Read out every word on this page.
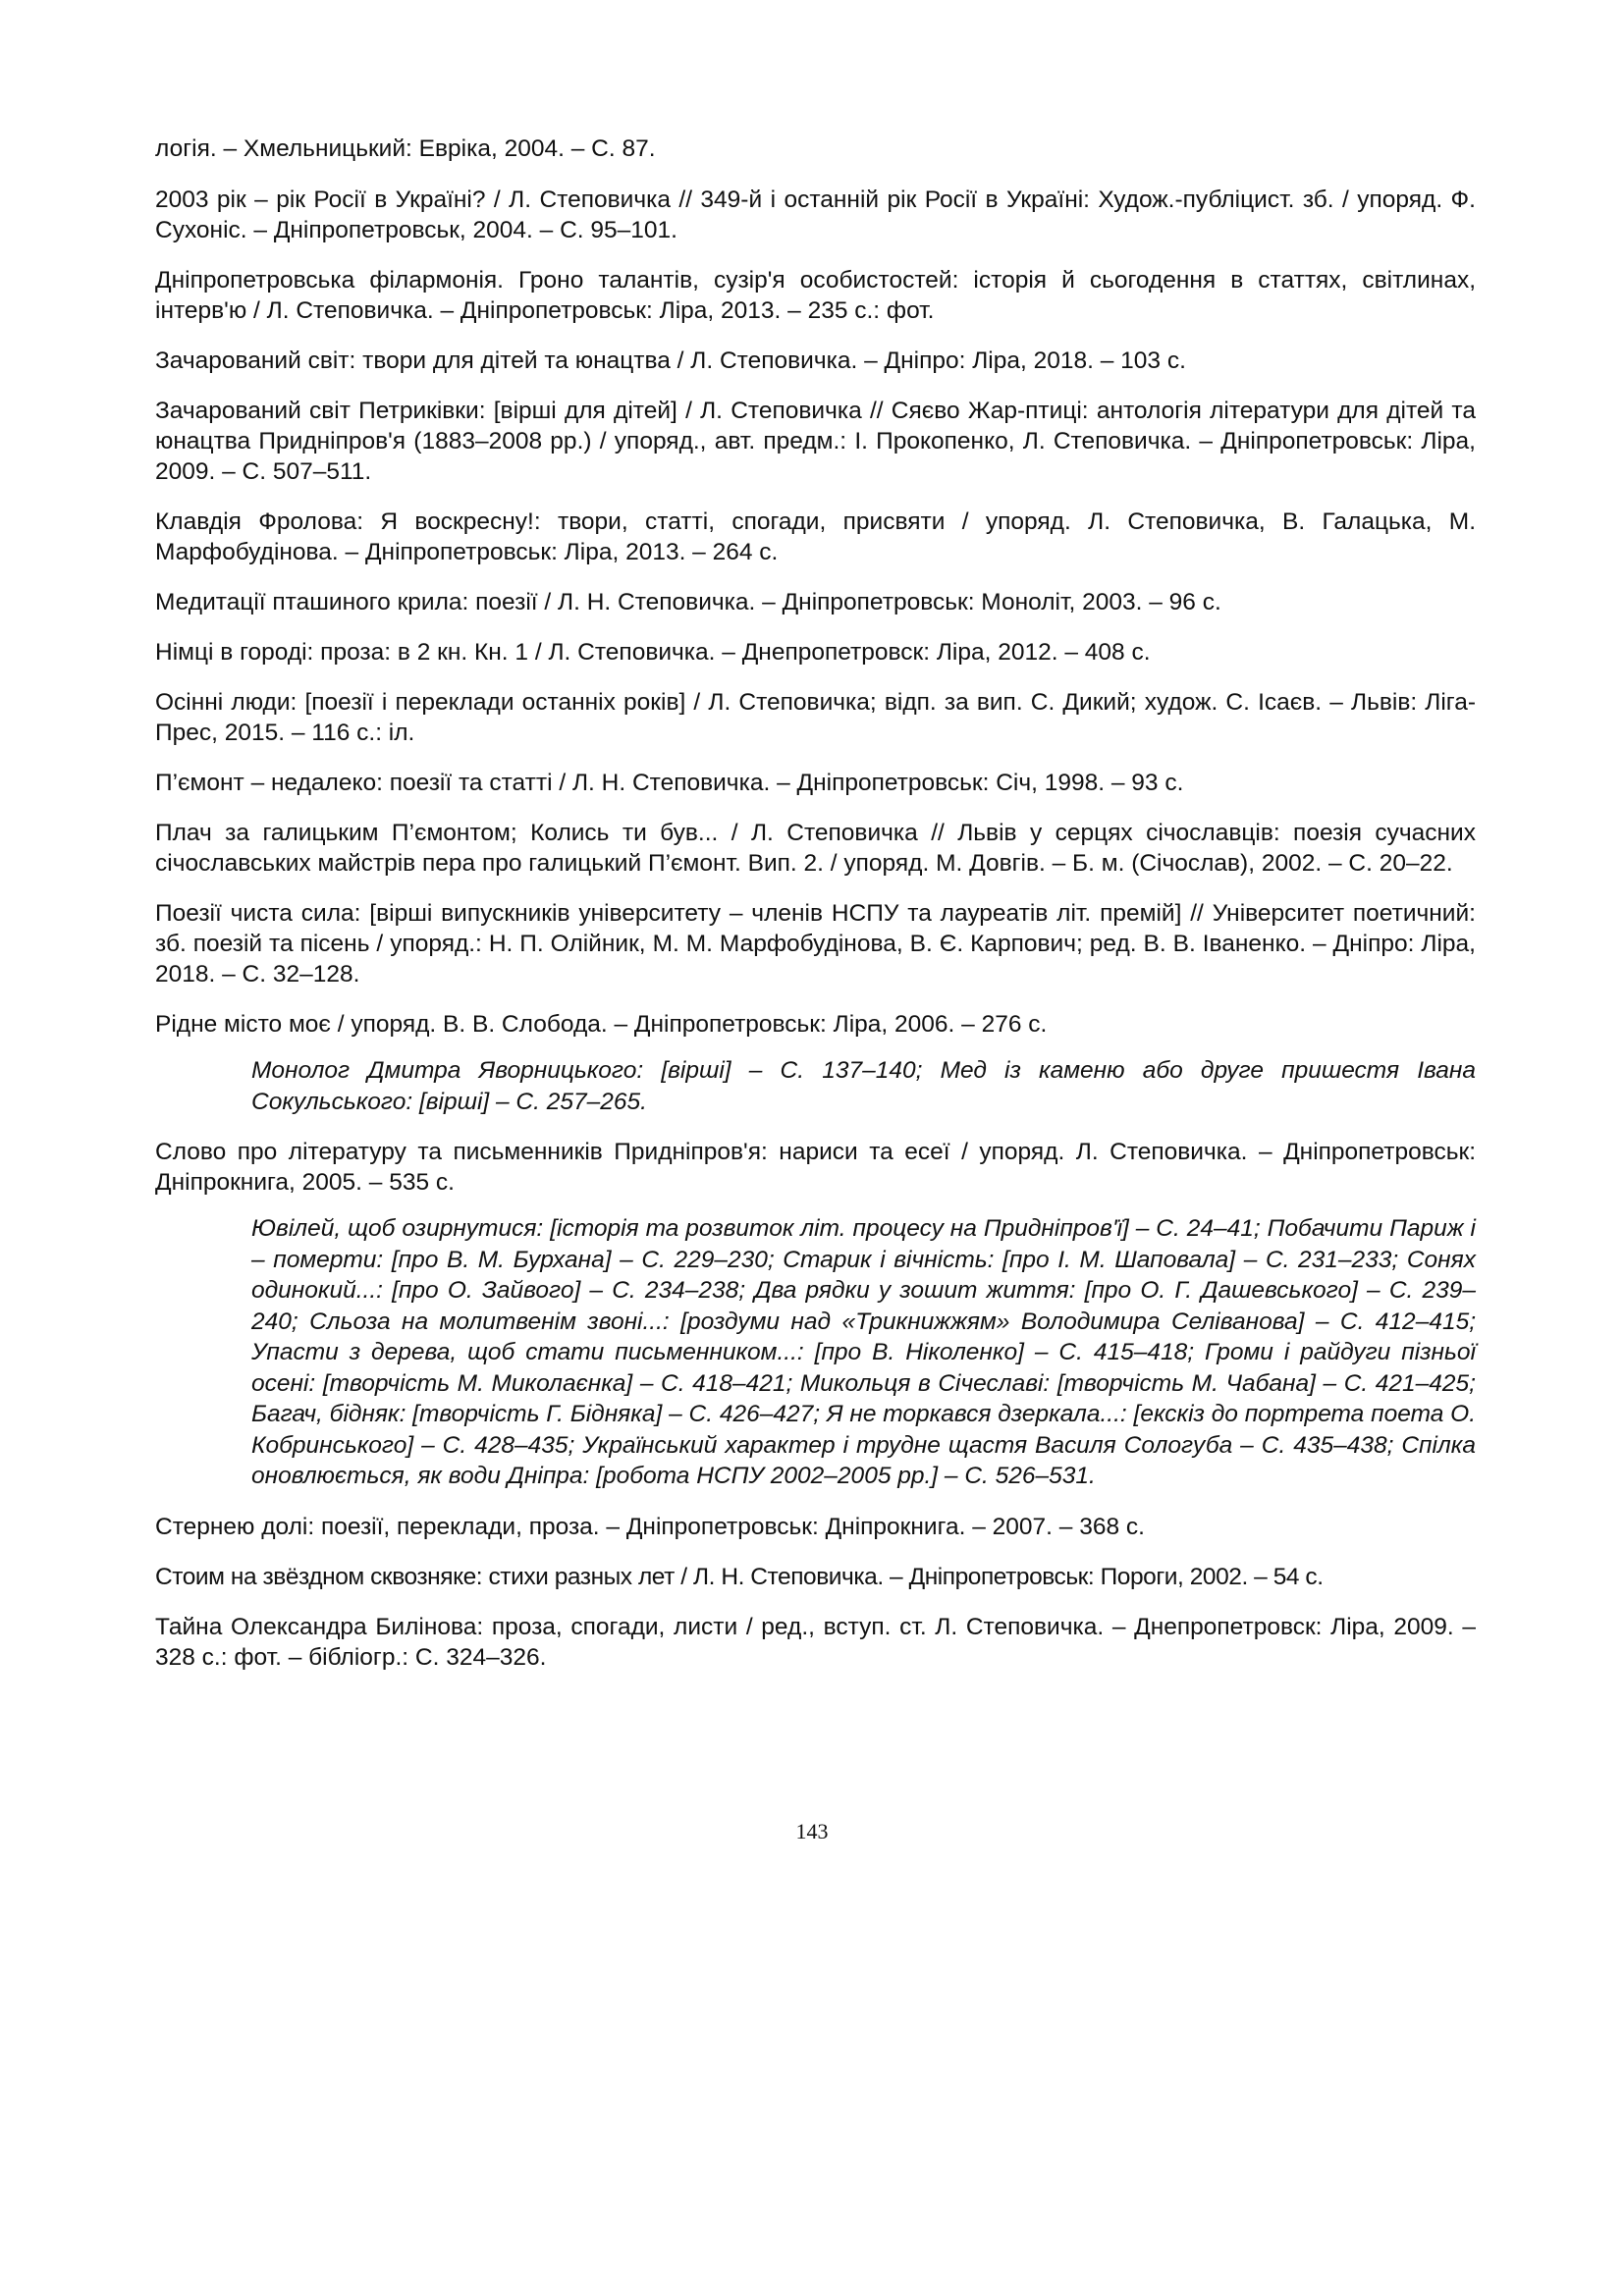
логія. – Хмельницький: Евріка, 2004. – С. 87.

2003 рік – рік Росії в Україні? / Л. Степовичка // 349-й і останній рік Росії в Україні: Худож.-публіцист. зб. / упоряд. Ф. Сухоніс. – Дніпропетровськ, 2004. – С. 95–101.

Дніпропетровська філармонія. Гроно талантів, сузір'я особистостей: історія й сьогодення в статтях, світлинах, інтерв'ю / Л. Степовичка. – Дніпропетровськ: Ліра, 2013. – 235 с.: фот.

Зачарований світ: твори для дітей та юнацтва / Л. Степовичка. – Дніпро: Ліра, 2018. – 103 с.

Зачарований світ Петриківки: [вірші для дітей] / Л. Степовичка // Сяєво Жар-птиці: антологія літератури для дітей та юнацтва Придніпров'я (1883–2008 рр.) / упоряд., авт. предм.: І. Прокопенко, Л. Степовичка. – Дніпропетровськ: Ліра, 2009. – С. 507–511.

Клавдія Фролова: Я воскресну!: твори, статті, спогади, присвяти / упоряд. Л. Степовичка, В. Галацька, М. Марфобудінова. – Дніпропетровськ: Ліра, 2013. – 264 с.

Медитації пташиного крила: поезії / Л. Н. Степовичка. – Дніпропетровськ: Моноліт, 2003. – 96 с.

Німці в городі: проза: в 2 кн. Кн. 1 / Л. Степовичка. – Днепропетровск: Ліра, 2012. – 408 с.

Осінні люди: [поезії і переклади останніх років] / Л. Степовичка; відп. за вип. С. Дикий; худож. С. Ісаєв. – Львів: Ліга-Прес, 2015. – 116 с.: іл.

П’ємонт – недалеко: поезії та статті / Л. Н. Степовичка. – Дніпропетровськ: Січ, 1998. – 93 с.

Плач за галицьким П’ємонтом; Колись ти був... / Л. Степовичка // Львів у серцях січославців: поезія сучасних січославських майстрів пера про галицький П’ємонт. Вип. 2. / упоряд. М. Довгів. – Б. м. (Січослав), 2002. – С. 20–22.

Поезії чиста сила: [вірші випускників університету – членів НСПУ та лауреатів літ. премій] // Університет поетичний: зб. поезій та пісень / упоряд.: Н. П. Олійник, М. М. Марфобудінова, В. Є. Карпович; ред. В. В. Іваненко. – Дніпро: Ліра, 2018. – С. 32–128.

Рідне місто моє / упоряд. В. В. Слобода. – Дніпропетровськ: Ліра, 2006. – 276 с.

Монолог Дмитра Яворницького: [вірші] – С. 137–140; Мед із каменю або друге пришестя Івана Сокульського: [вірші] – С. 257–265.

Слово про літературу та письменників Придніпров'я: нариси та есеї / упоряд. Л. Степовичка. – Дніпропетровськ: Дніпрокнига, 2005. – 535 с.

Ювілей, щоб озирнутися: [історія та розвиток літ. процесу на Придніпров'ї] – С. 24–41; Побачити Париж і – померти: [про В. М. Бурхана] – С. 229–230; Старик і вічність: [про І. М. Шаповала] – С. 231–233; Сонях одинокий...: [про О. Зайвого] – С. 234–238; Два рядки у зошит життя: [про О. Г. Дашевського] – С. 239–240; Сльоза на молитвенім звоні...: [роздуми над «Трикнижжям» Володимира Селіванова] – С. 412–415; Упасти з дерева, щоб стати письменником...: [про В. Ніколенко] – С. 415–418; Громи і райдуги пізньої осені: [творчість М. Миколаєнка] – С. 418–421; Микольця в Січеславі: [творчість М. Чабана] – С. 421–425; Багач, бідняк: [творчість Г. Бідняка] – С. 426–427; Я не торкався дзеркала...: [екскіз до портрета поета О. Кобринського] – С. 428–435; Український характер і трудне щастя Василя Сологуба – С. 435–438; Спілка оновлюється, як води Дніпра: [робота НСПУ 2002–2005 рр.] – С. 526–531.

Стернею долі: поезії, переклади, проза. – Дніпропетровськ: Дніпрокнига. – 2007. – 368 с.

Стоим на звёздном сквозняке: стихи разных лет / Л. Н. Степовичка. – Дніпропетровськ: Пороги, 2002. – 54 с.

Тайна Олександра Билінова: проза, спогади, листи / ред., вступ. ст. Л. Степовичка. – Днепропетровск: Ліра, 2009. – 328 с.: фот. – бібліогр.: С. 324–326.

143
